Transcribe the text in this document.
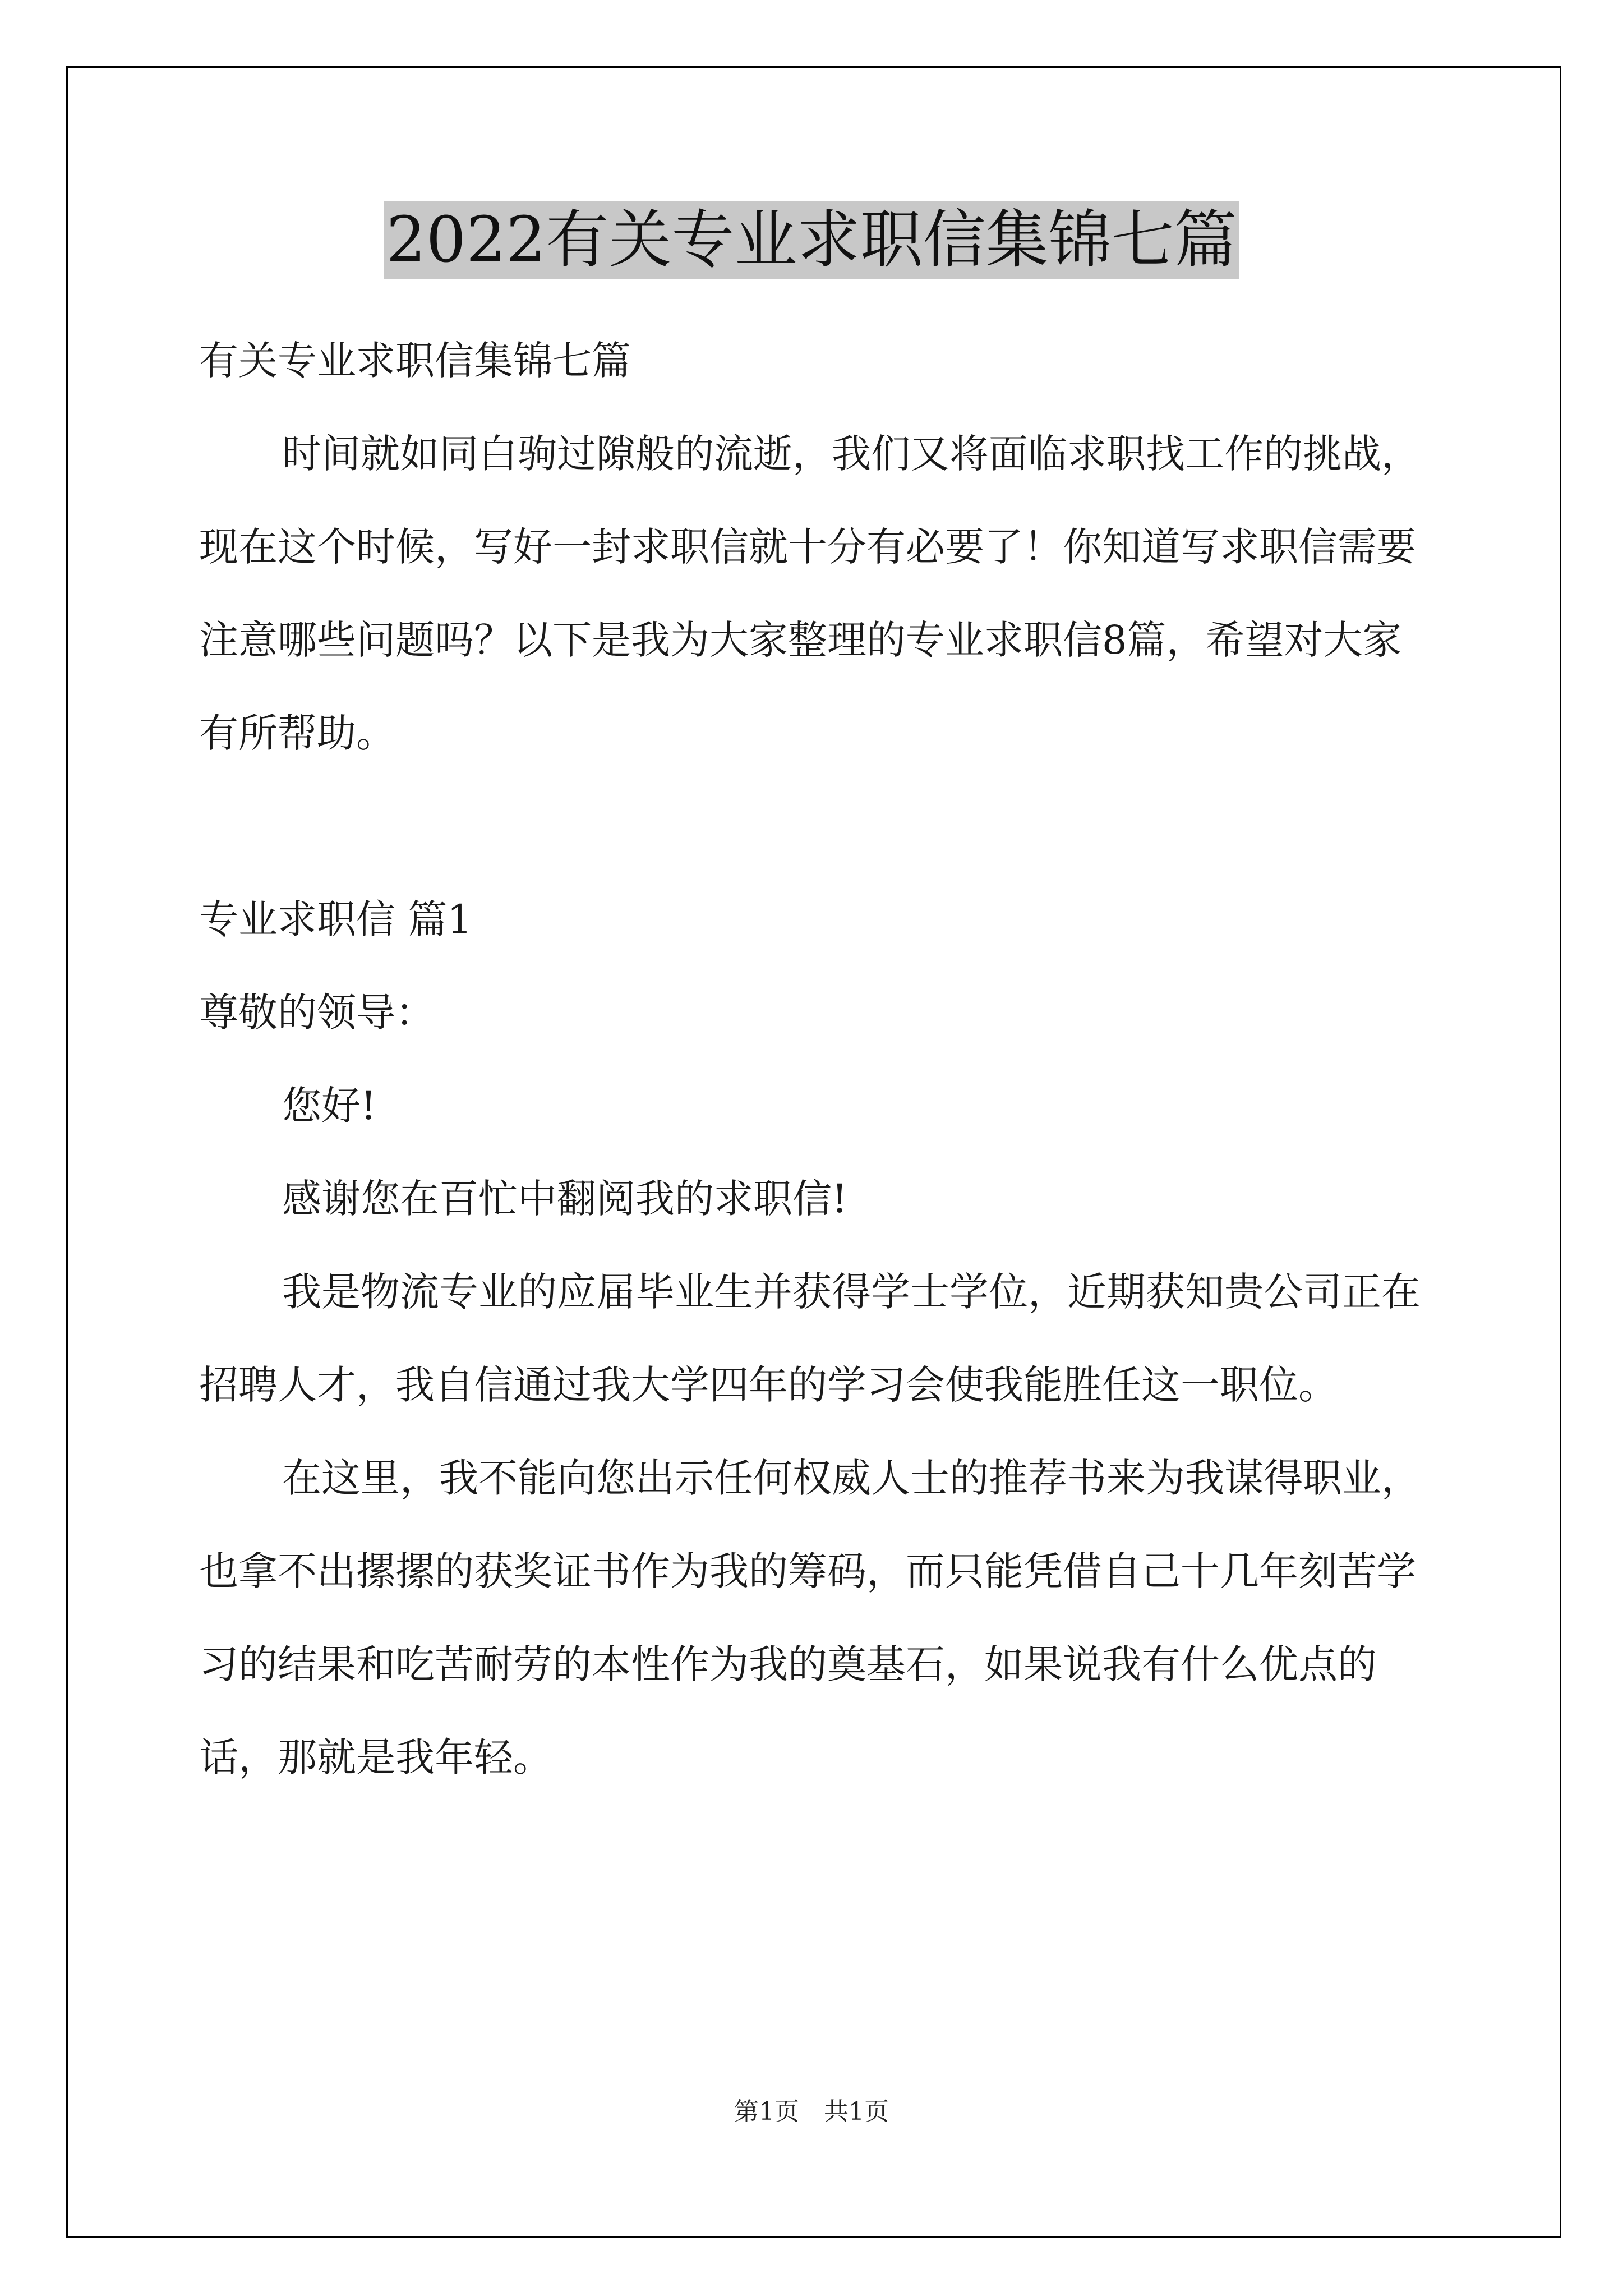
2022有关专业求职信集锦七篇

有关专业求职信集锦七篇

时间就如同白驹过隙般的流逝，我们又将面临求职找工作的挑战，现在这个时候，写好一封求职信就十分有必要了！你知道写求职信需要注意哪些问题吗？以下是我为大家整理的专业求职信8篇，希望对大家有所帮助。

专业求职信 篇1

尊敬的领导：

您好!

感谢您在百忙中翻阅我的求职信!

我是物流专业的应届毕业生并获得学士学位，近期获知贵公司正在招聘人才，我自信通过我大学四年的学习会使我能胜任这一职位。

在这里，我不能向您出示任何权威人士的推荐书来为我谋得职业，也拿不出摞摞的获奖证书作为我的筹码，而只能凭借自己十几年刻苦学习的结果和吃苦耐劳的本性作为我的奠基石，如果说我有什么优点的话，那就是我年轻。

第1页　共1页
